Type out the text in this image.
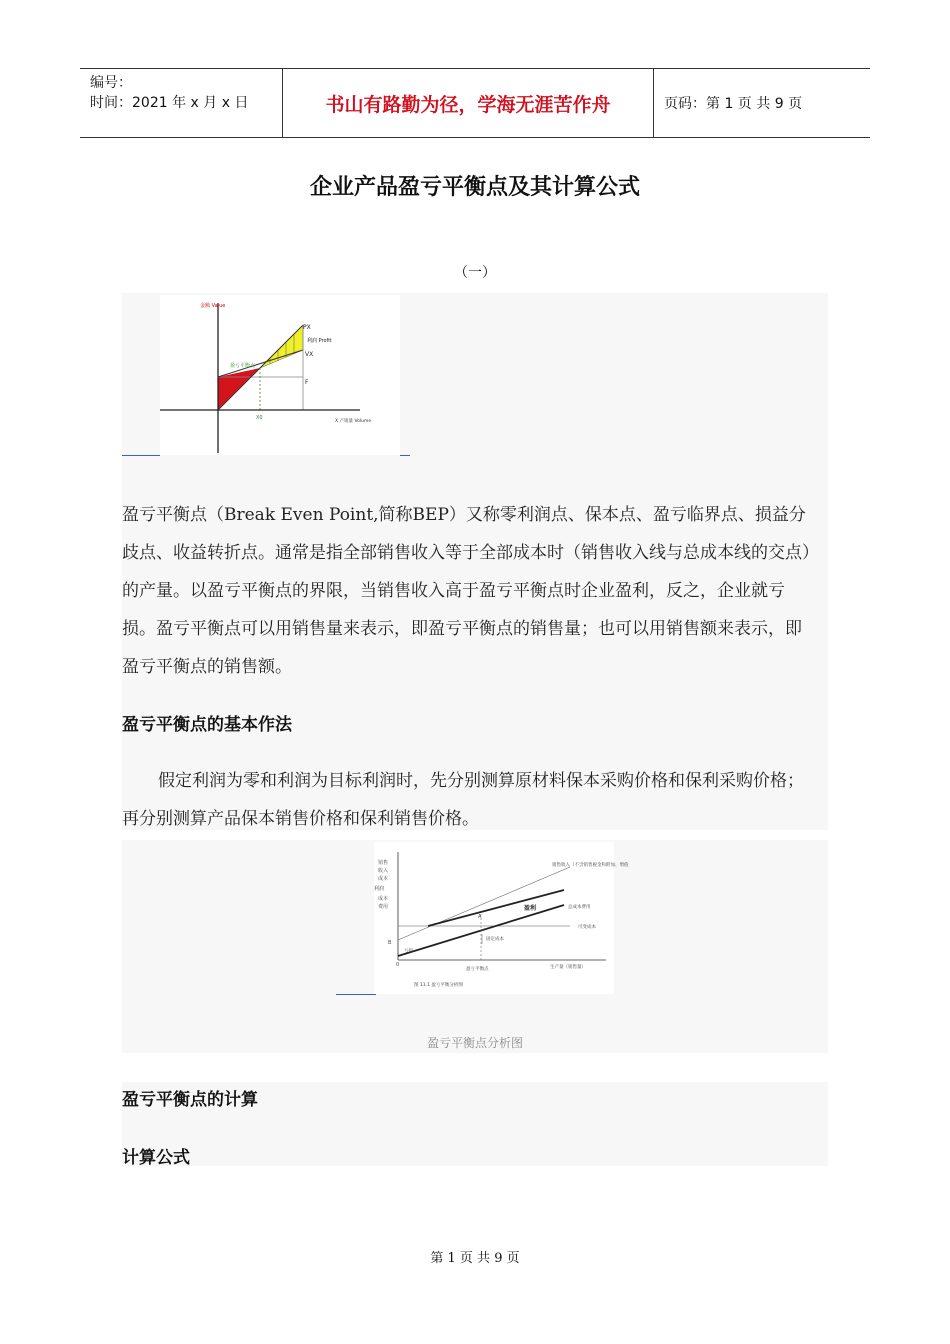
编号：
时间：2021 年 x 月 x 日	书山有路勤为径，学海无涯苦作舟	页码：第 1 页 共 9 页
企业产品盈亏平衡点及其计算公式
（一）
金额 Value
X 产销量 Volume
PX
VX
F
利润 Profit
盈亏平衡点
X0
盈亏平衡点（Break Even Point,简称BEP）又称零利润点、保本点、盈亏临界点、损益分歧点、收益转折点。通常是指全部销售收入等于全部成本时（销售收入线与总成本线的交点）的产量。以盈亏平衡点的界限，当销售收入高于盈亏平衡点时企业盈利，反之，企业就亏损。盈亏平衡点可以用销售量来表示，即盈亏平衡点的销售量；也可以用销售额来表示，即盈亏平衡点的销售额。
盈亏平衡点的基本作法
假定利润为零和利润为目标利润时，先分别测算原材料保本采购价格和保利采购价格；再分别测算产品保本销售价格和保利销售价格。
利润
销售
收入
成本
成本
费用
销售收入（不含销售税金和附加、增值
盈利	总成本费用
可变成本
固定成本
亏损
生产量（销售量）
盈亏平衡点
0
B
A
图 11.1 盈亏平衡分析图
盈亏平衡点分析图
盈亏平衡点的计算
计算公式
第 1 页 共 9 页
